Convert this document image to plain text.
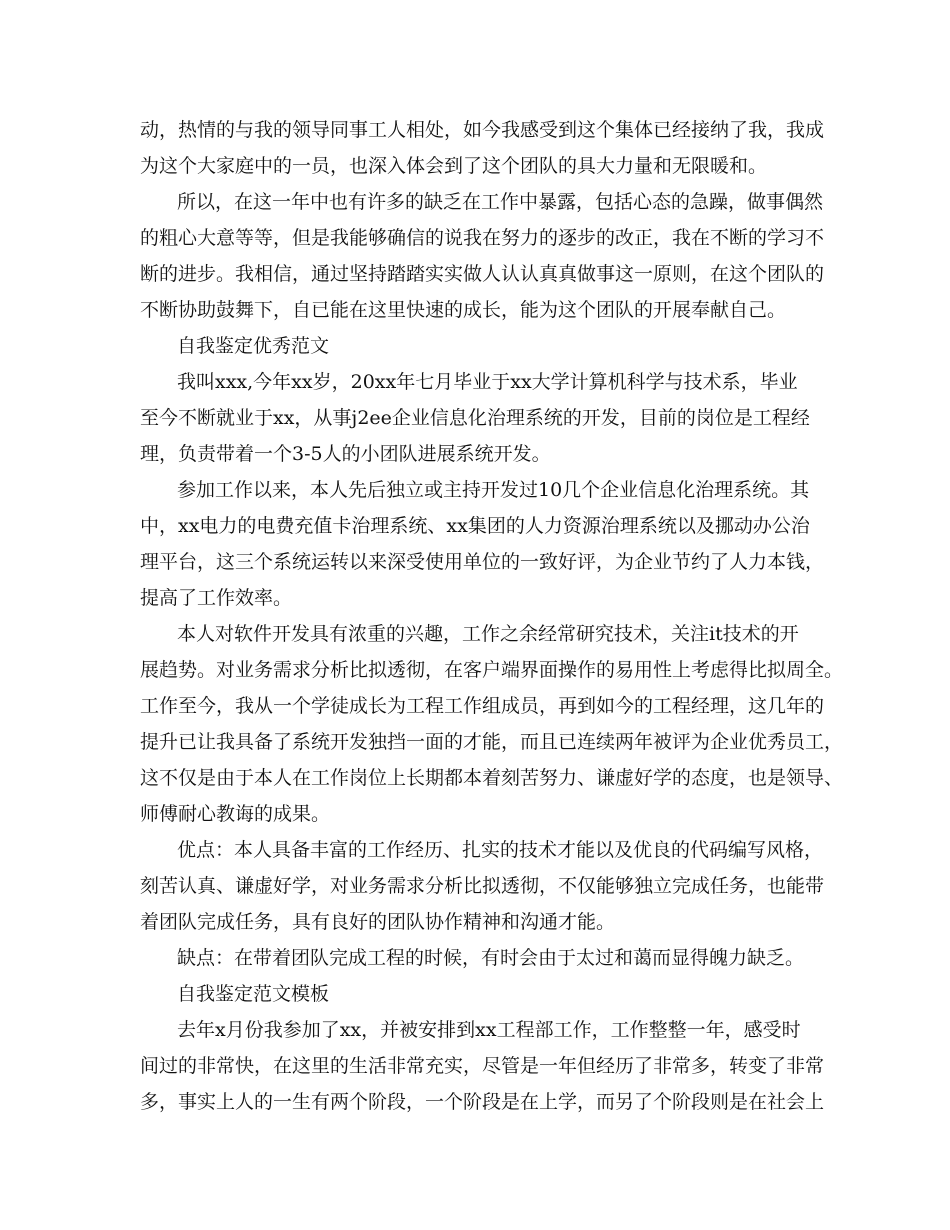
动，热情的与我的领导同事工人相处，如今我感受到这个集体已经接纳了我，我成
为这个大家庭中的一员，也深入体会到了这个团队的具大力量和无限暖和。
所以，在这一年中也有许多的缺乏在工作中暴露，包括心态的急躁，做事偶然
的粗心大意等等，但是我能够确信的说我在努力的逐步的改正，我在不断的学习不
断的进步。我相信，通过坚持踏踏实实做人认认真真做事这一原则，在这个团队的
不断协助鼓舞下，自已能在这里快速的成长，能为这个团队的开展奉献自己。
自我鉴定优秀范文
我叫xxx,今年xx岁，20xx年七月毕业于xx大学计算机科学与技术系，毕业
至今不断就业于xx，从事j2ee企业信息化治理系统的开发，目前的岗位是工程经
理，负责带着一个3-5人的小团队进展系统开发。
参加工作以来，本人先后独立或主持开发过10几个企业信息化治理系统。其
中，xx电力的电费充值卡治理系统、xx集团的人力资源治理系统以及挪动办公治
理平台，这三个系统运转以来深受使用单位的一致好评，为企业节约了人力本钱，
提高了工作效率。
本人对软件开发具有浓重的兴趣，工作之余经常研究技术，关注it技术的开
展趋势。对业务需求分析比拟透彻，在客户端界面操作的易用性上考虑得比拟周全。
工作至今，我从一个学徒成长为工程工作组成员，再到如今的工程经理，这几年的
提升已让我具备了系统开发独挡一面的才能，而且已连续两年被评为企业优秀员工，
这不仅是由于本人在工作岗位上长期都本着刻苦努力、谦虚好学的态度，也是领导、
师傅耐心教诲的成果。
优点：本人具备丰富的工作经历、扎实的技术才能以及优良的代码编写风格，
刻苦认真、谦虚好学，对业务需求分析比拟透彻，不仅能够独立完成任务，也能带
着团队完成任务，具有良好的团队协作精神和沟通才能。
缺点：在带着团队完成工程的时候，有时会由于太过和蔼而显得魄力缺乏。
自我鉴定范文模板
去年x月份我参加了xx，并被安排到xx工程部工作，工作整整一年，感受时
间过的非常快，在这里的生活非常充实，尽管是一年但经历了非常多，转变了非常
多，事实上人的一生有两个阶段，一个阶段是在上学，而另了个阶段则是在社会上
